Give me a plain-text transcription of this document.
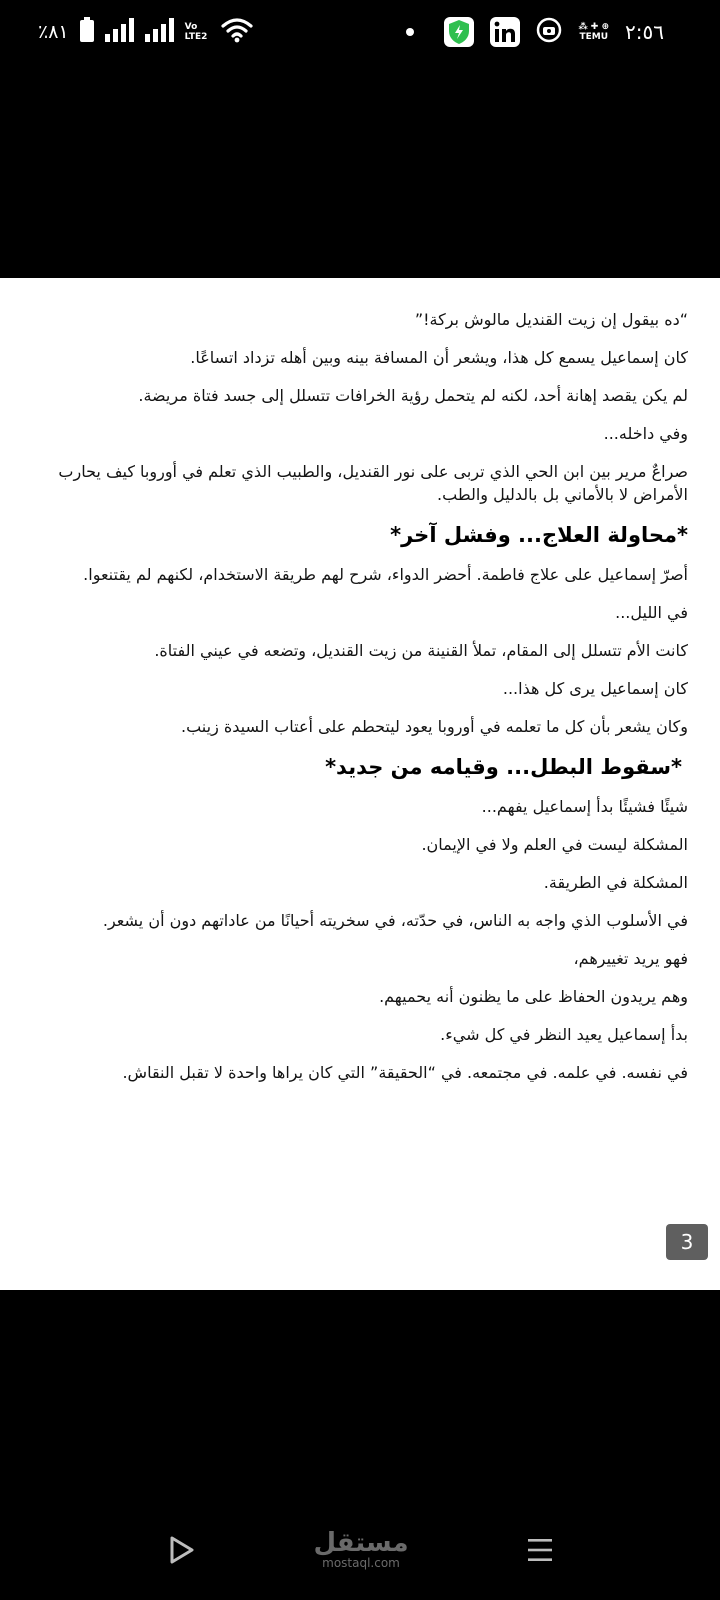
٪٨١	Vo LTE2
⁂ ✚ ⊕
TEMU ٢:٥٦

“ده بيقول إن زيت القنديل مالوش بركة!”

كان إسماعيل يسمع كل هذا، ويشعر أن المسافة بينه وبين أهله تزداد اتساعًا.

لم يكن يقصد إهانة أحد، لكنه لم يتحمل رؤية الخرافات تتسلل إلى جسد فتاة مريضة.

وفي داخله...

صراعٌ مرير بين ابن الحي الذي تربى على نور القنديل، والطبيب الذي تعلم في أوروبا كيف يحارب الأمراض لا بالأماني بل بالدليل والطب.

*محاولة العلاج... وفشل آخر*

أصرّ إسماعيل على علاج فاطمة. أحضر الدواء، شرح لهم طريقة الاستخدام، لكنهم لم يقتنعوا.

في الليل...

كانت الأم تتسلل إلى المقام، تملأ القنينة من زيت القنديل، وتضعه في عيني الفتاة.

كان إسماعيل يرى كل هذا...

وكان يشعر بأن كل ما تعلمه في أوروبا يعود ليتحطم على أعتاب السيدة زينب.

*سقوط البطل... وقيامه من جديد*

شيئًا فشيئًا بدأ إسماعيل يفهم...

المشكلة ليست في العلم ولا في الإيمان.

المشكلة في الطريقة.

في الأسلوب الذي واجه به الناس، في حدّته، في سخريته أحيانًا من عاداتهم دون أن يشعر.

فهو يريد تغييرهم،

وهم يريدون الحفاظ على ما يظنون أنه يحميهم.

بدأ إسماعيل يعيد النظر في كل شيء.

في نفسه. في علمه. في مجتمعه. في “الحقيقة” التي كان يراها واحدة لا تقبل النقاش.

3
مستقل
mostaql.com
